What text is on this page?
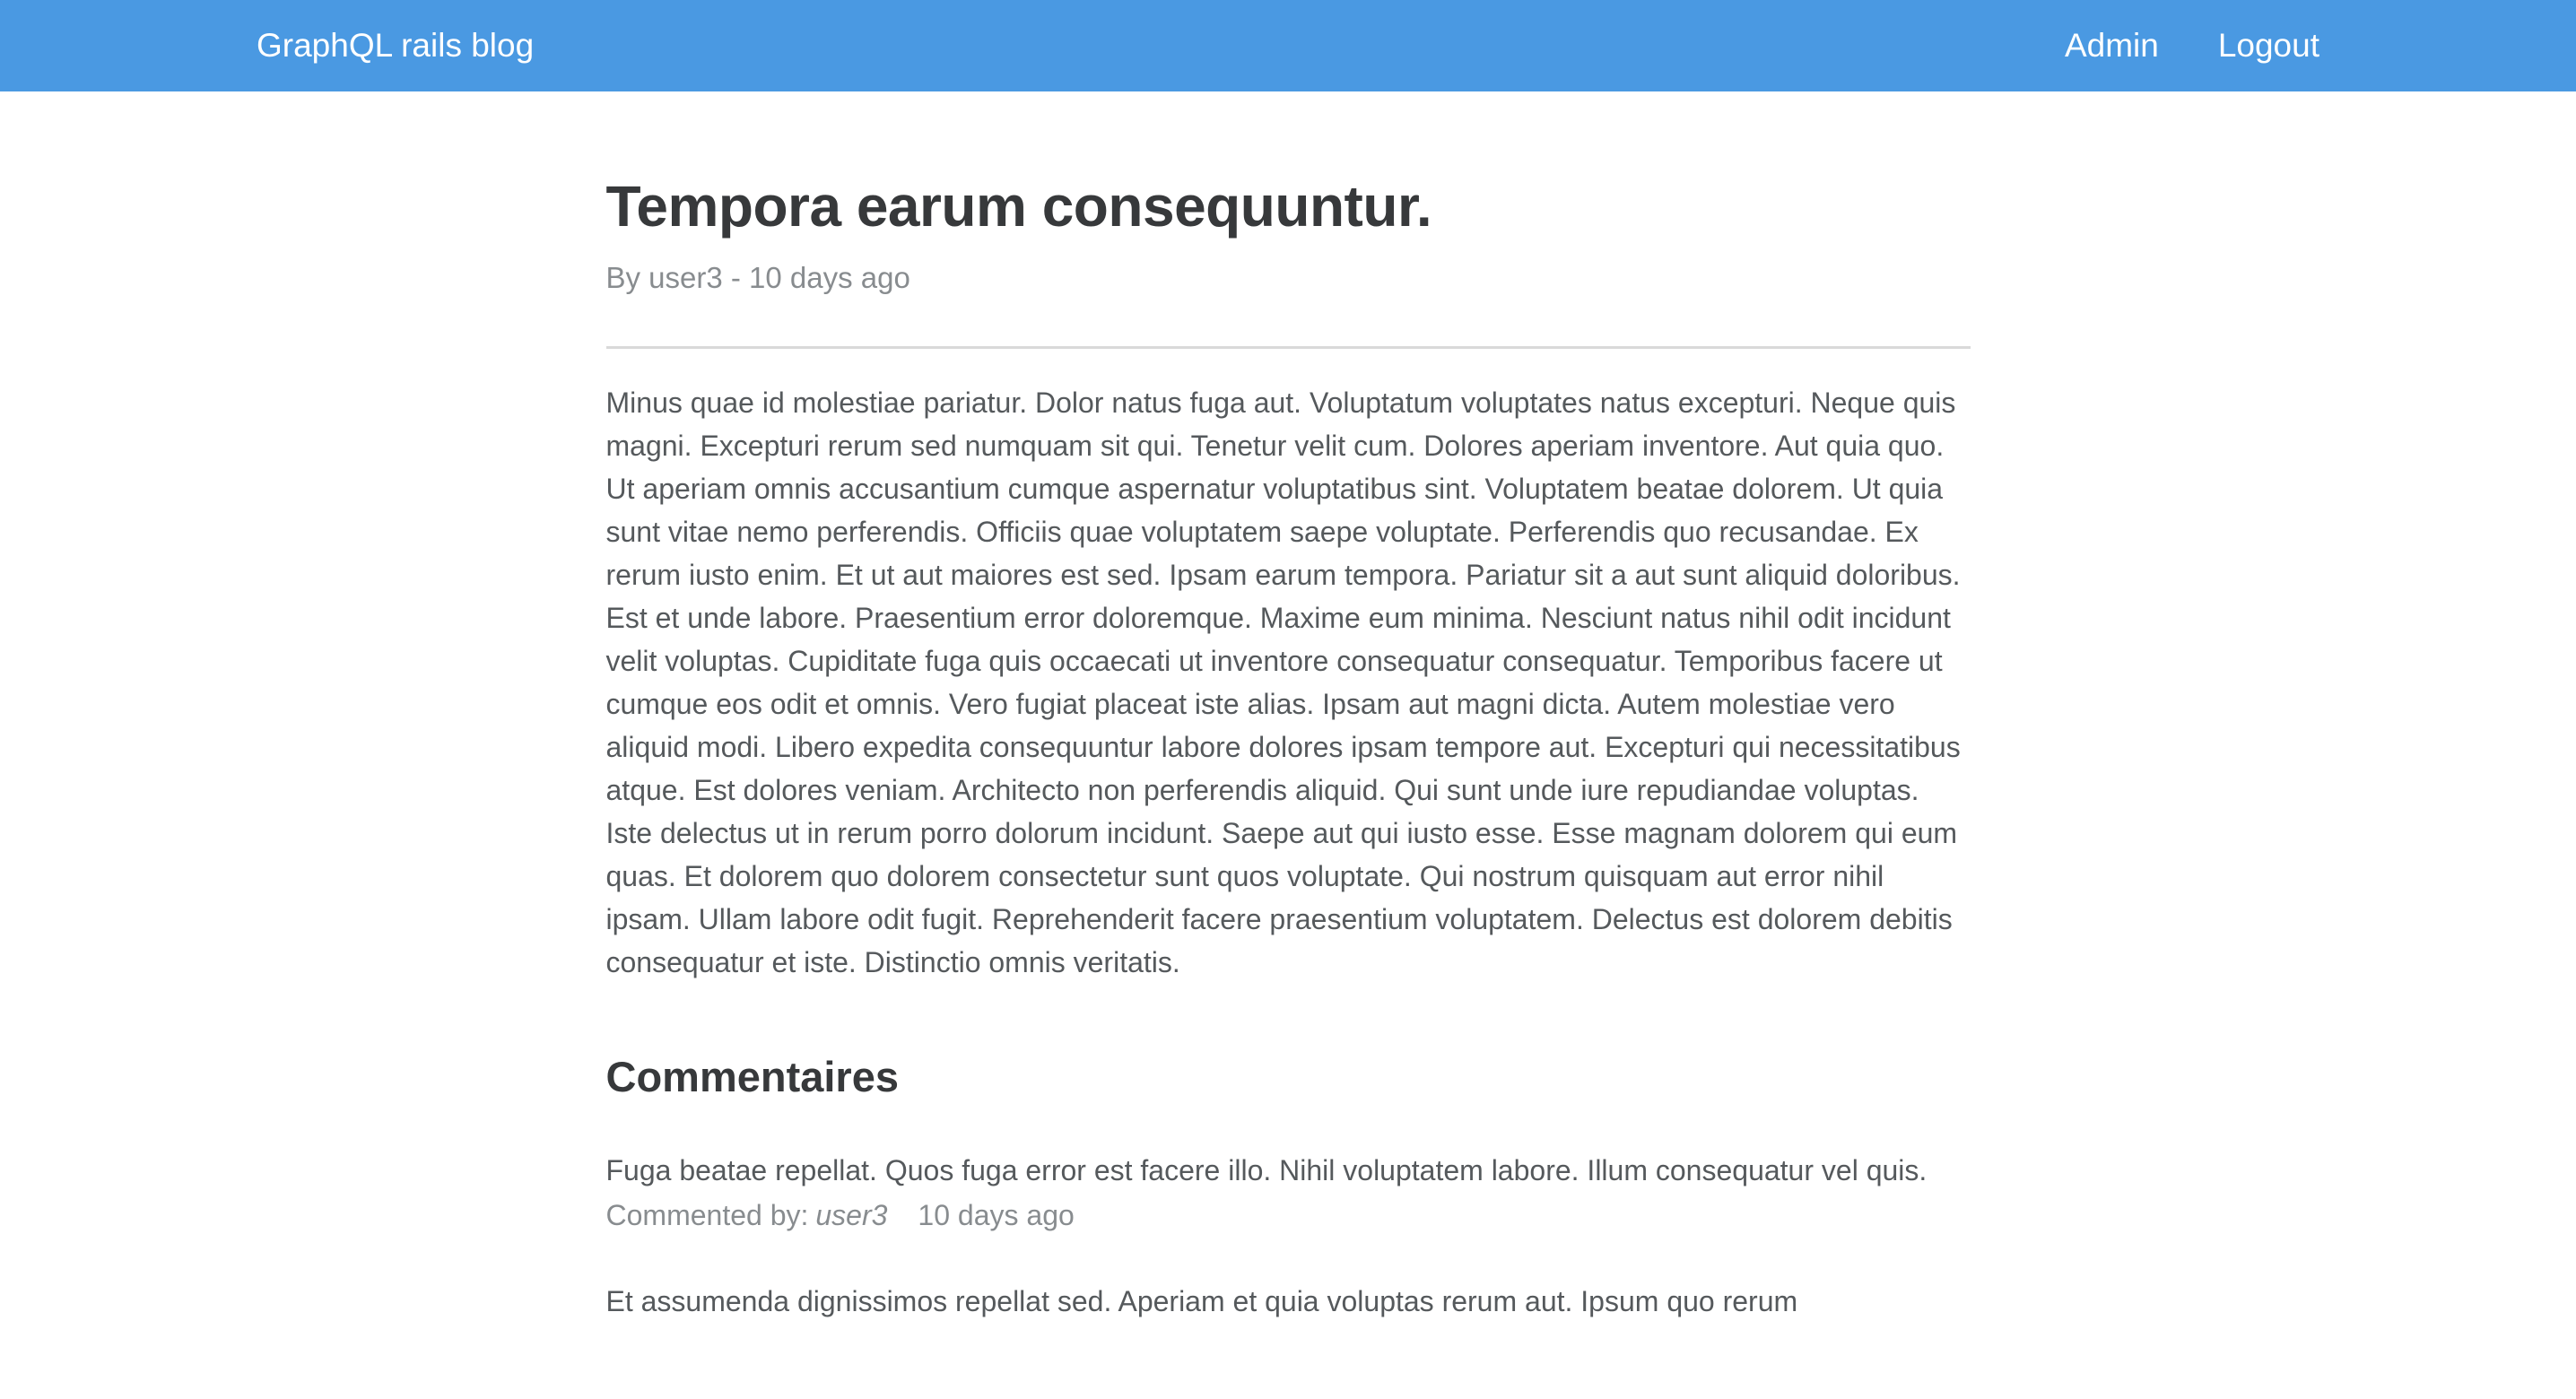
GraphQL rails blog	Admin Logout
Tempora earum consequuntur.

By user3 - 10 days ago

Minus quae id molestiae pariatur. Dolor natus fuga aut. Voluptatum voluptates natus excepturi. Neque quis magni. Excepturi rerum sed numquam sit qui. Tenetur velit cum. Dolores aperiam inventore. Aut quia quo. Ut aperiam omnis accusantium cumque aspernatur voluptatibus sint. Voluptatem beatae dolorem. Ut quia sunt vitae nemo perferendis. Officiis quae voluptatem saepe voluptate. Perferendis quo recusandae. Ex rerum iusto enim. Et ut aut maiores est sed. Ipsam earum tempora. Pariatur sit a aut sunt aliquid doloribus. Est et unde labore. Praesentium error doloremque. Maxime eum minima. Nesciunt natus nihil odit incidunt velit voluptas. Cupiditate fuga quis occaecati ut inventore consequatur consequatur. Temporibus facere ut cumque eos odit et omnis. Vero fugiat placeat iste alias. Ipsam aut magni dicta. Autem molestiae vero aliquid modi. Libero expedita consequuntur labore dolores ipsam tempore aut. Excepturi qui necessitatibus atque. Est dolores veniam. Architecto non perferendis aliquid. Qui sunt unde iure repudiandae voluptas. Iste delectus ut in rerum porro dolorum incidunt. Saepe aut qui iusto esse. Esse magnam dolorem qui eum quas. Et dolorem quo dolorem consectetur sunt quos voluptate. Qui nostrum quisquam aut error nihil ipsam. Ullam labore odit fugit. Reprehenderit facere praesentium voluptatem. Delectus est dolorem debitis consequatur et iste. Distinctio omnis veritatis.

Commentaires

Fuga beatae repellat. Quos fuga error est facere illo. Nihil voluptatem labore. Illum consequatur vel quis.

Commented by: user3 10 days ago

Et assumenda dignissimos repellat sed. Aperiam et quia voluptas rerum aut. Ipsum quo rerum
